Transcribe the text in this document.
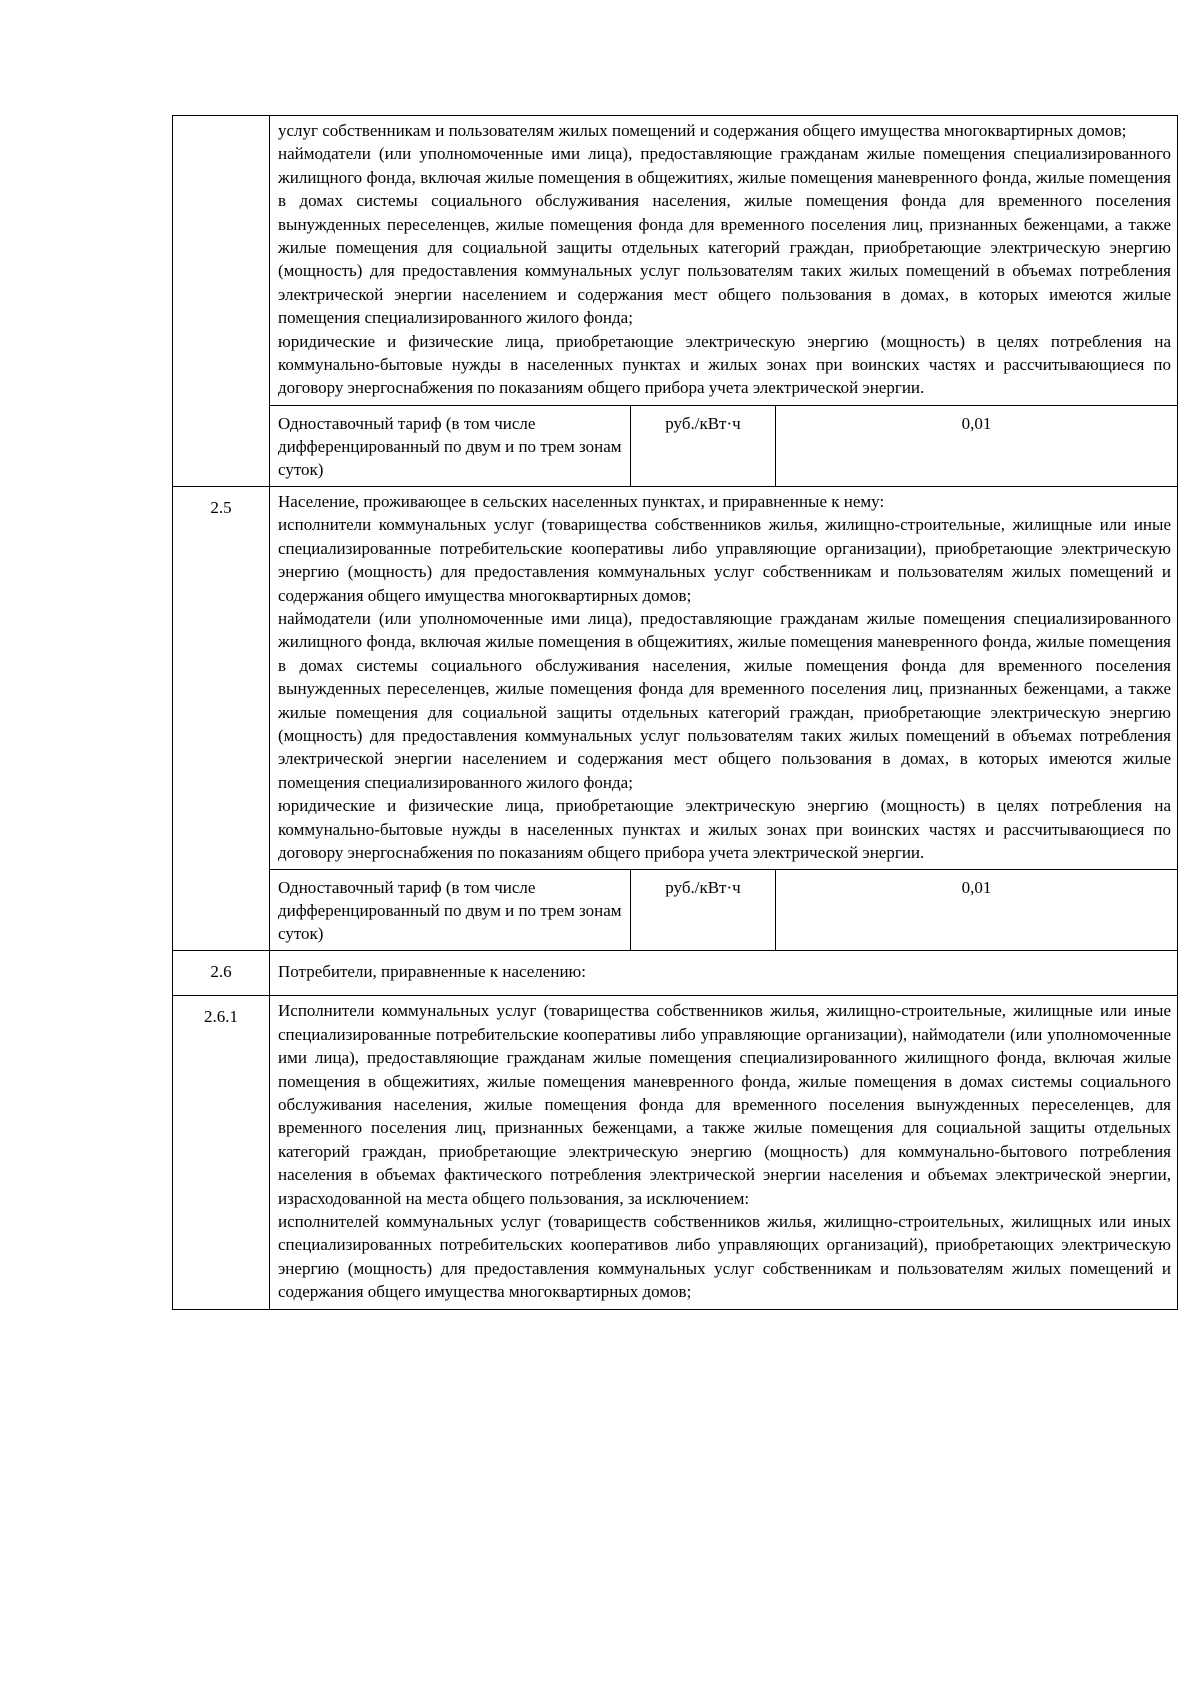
услуг собственникам и пользователям жилых помещений и содержания общего имущества многоквартирных домов;

наймодатели (или уполномоченные ими лица), предоставляющие гражданам жилые помещения специализированного жилищного фонда, включая жилые помещения в общежитиях, жилые помещения маневренного фонда, жилые помещения в домах системы социального обслуживания населения, жилые помещения фонда для временного поселения вынужденных переселенцев, жилые помещения фонда для временного поселения лиц, признанных беженцами, а также жилые помещения для социальной защиты отдельных категорий граждан, приобретающие электрическую энергию (мощность) для предоставления коммунальных услуг пользователям таких жилых помещений в объемах потребления электрической энергии населением и содержания мест общего пользования в домах, в которых имеются жилые помещения специализированного жилого фонда;

юридические и физические лица, приобретающие электрическую энергию (мощность) в целях потребления на коммунально-бытовые нужды в населенных пунктах и жилых зонах при воинских частях и рассчитывающиеся по договору энергоснабжения по показаниям общего прибора учета электрической энергии.

Одноставочный тариф (в том числе дифференцированный по двум и по трем зонам суток)	руб./кВт·ч	0,01

2.5	Население, проживающее в сельских населенных пунктах, и приравненные к нему:

исполнители коммунальных услуг (товарищества собственников жилья, жилищно-строительные, жилищные или иные специализированные потребительские кооперативы либо управляющие организации), приобретающие электрическую энергию (мощность) для предоставления коммунальных услуг собственникам и пользователям жилых помещений и содержания общего имущества многоквартирных домов;

наймодатели (или уполномоченные ими лица), предоставляющие гражданам жилые помещения специализированного жилищного фонда, включая жилые помещения в общежитиях, жилые помещения маневренного фонда, жилые помещения в домах системы социального обслуживания населения, жилые помещения фонда для временного поселения вынужденных переселенцев, жилые помещения фонда для временного поселения лиц, признанных беженцами, а также жилые помещения для социальной защиты отдельных категорий граждан, приобретающие электрическую энергию (мощность) для предоставления коммунальных услуг пользователям таких жилых помещений в объемах потребления электрической энергии населением и содержания мест общего пользования в домах, в которых имеются жилые помещения специализированного жилого фонда;

юридические и физические лица, приобретающие электрическую энергию (мощность) в целях потребления на коммунально-бытовые нужды в населенных пунктах и жилых зонах при воинских частях и рассчитывающиеся по договору энергоснабжения по показаниям общего прибора учета электрической энергии.

Одноставочный тариф (в том числе дифференцированный по двум и по трем зонам суток)	руб./кВт·ч	0,01

2.6	Потребители, приравненные к населению:
2.6.1	Исполнители коммунальных услуг (товарищества собственников жилья, жилищно-строительные, жилищные или иные специализированные потребительские кооперативы либо управляющие организации), наймодатели (или уполномоченные ими лица), предоставляющие гражданам жилые помещения специализированного жилищного фонда, включая жилые помещения в общежитиях, жилые помещения маневренного фонда, жилые помещения в домах системы социального обслуживания населения, жилые помещения фонда для временного поселения вынужденных переселенцев, для временного поселения лиц, признанных беженцами, а также жилые помещения для социальной защиты отдельных категорий граждан, приобретающие электрическую энергию (мощность) для коммунально-бытового потребления населения в объемах фактического потребления электрической энергии населения и объемах электрической энергии, израсходованной на места общего пользования, за исключением:

исполнителей коммунальных услуг (товариществ собственников жилья, жилищно-строительных, жилищных или иных специализированных потребительских кооперативов либо управляющих организаций), приобретающих электрическую энергию (мощность) для предоставления коммунальных услуг собственникам и пользователям жилых помещений и содержания общего имущества многоквартирных домов;
